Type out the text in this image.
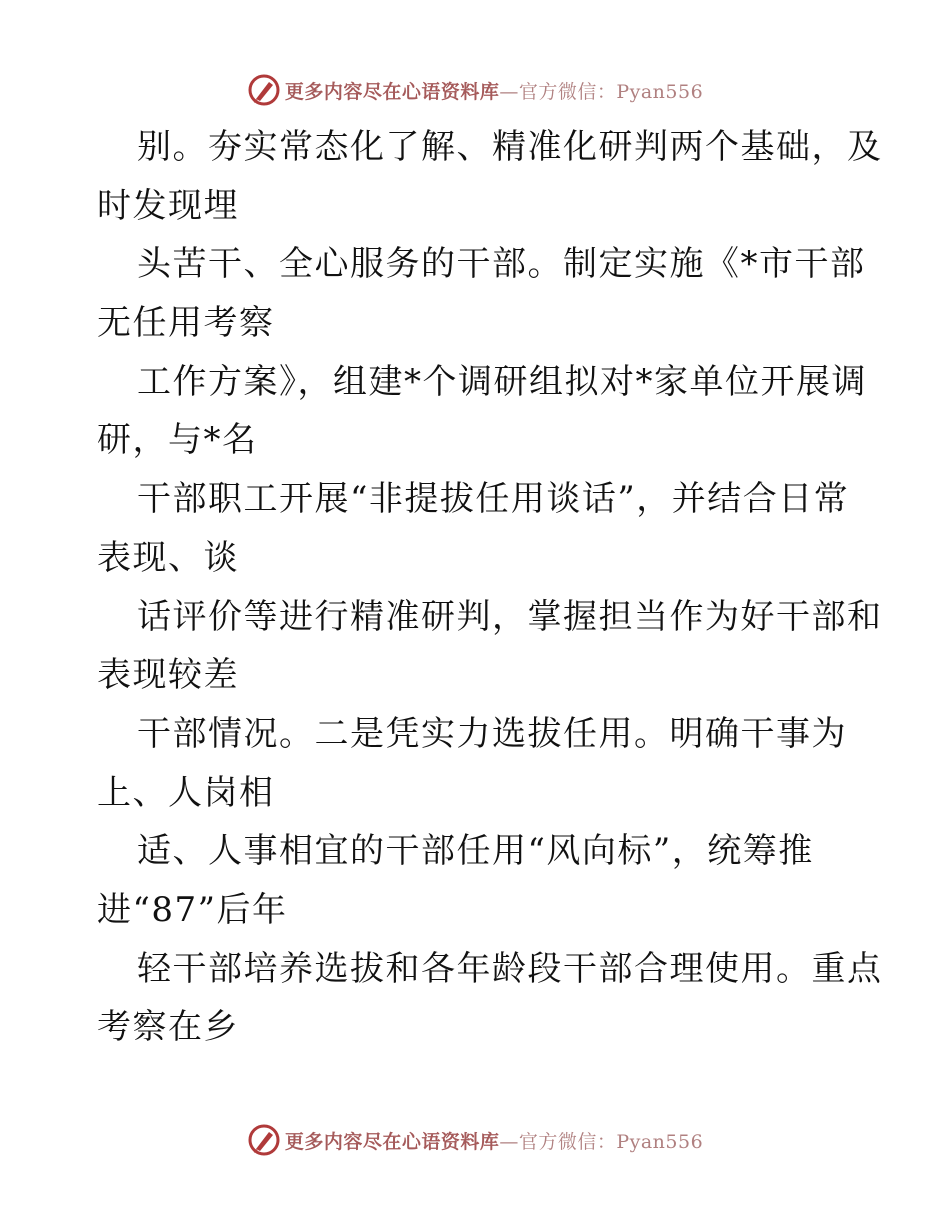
更多内容尽在心语资料库—官方微信：Pyan556
别。夯实常态化了解、精准化研判两个基础，及
时发现埋
头苦干、全心服务的干部。制定实施《*市干部
无任用考察
工作方案》，组建*个调研组拟对*家单位开展调
研，与*名
干部职工开展“非提拔任用谈话”，并结合日常
表现、谈
话评价等进行精准研判，掌握担当作为好干部和
表现较差
干部情况。二是凭实力选拔任用。明确干事为
上、人岗相
适、人事相宜的干部任用“风向标”，统筹推
进“87”后年
轻干部培养选拔和各年龄段干部合理使用。重点
考察在乡
更多内容尽在心语资料库—官方微信：Pyan556
